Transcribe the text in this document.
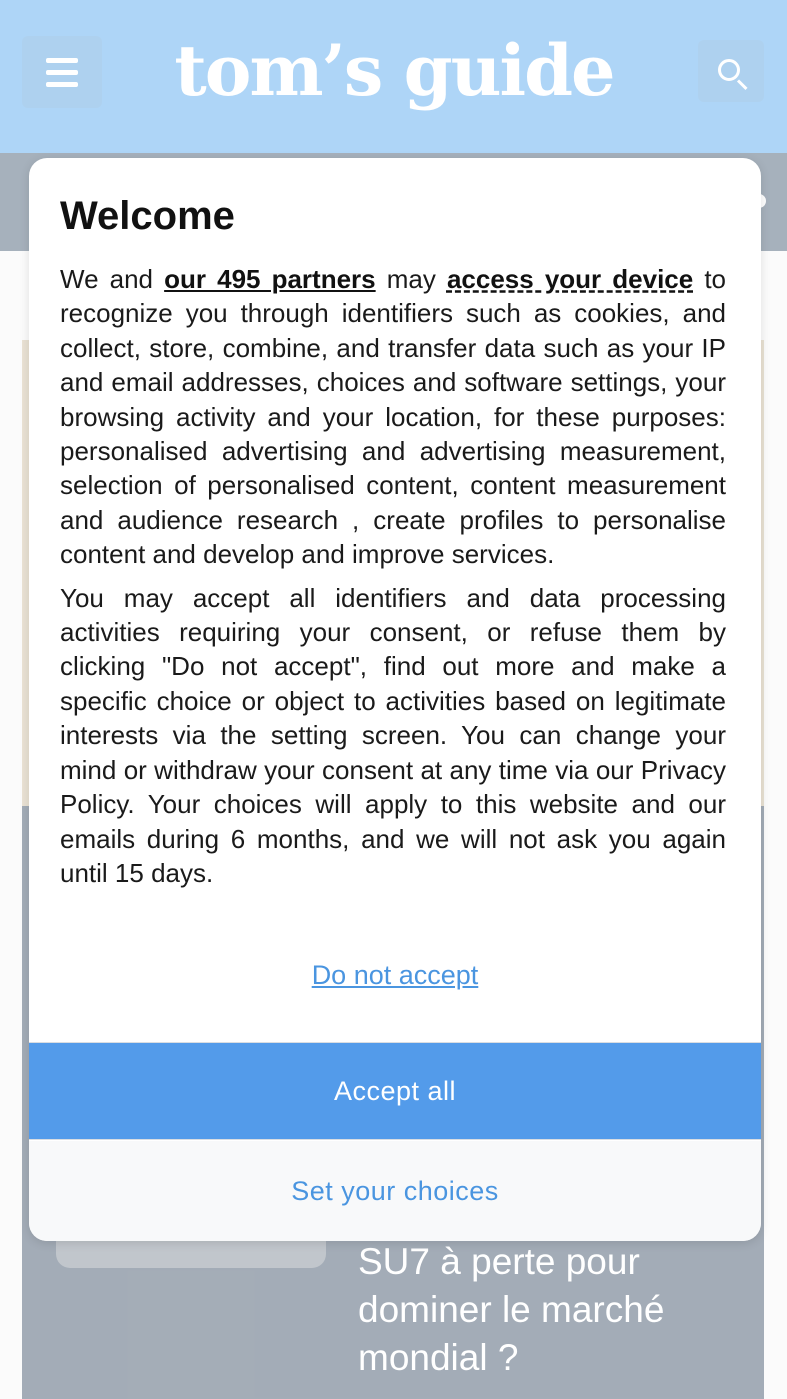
Welcome

We and our 495 partners may access your device to recognize you through identifiers such as cookies, and collect, store, combine, and transfer data such as your IP and email addresses, choices and software settings, your browsing activity and your location, for these purposes: personalised advertising and advertising measurement, selection of personalised content, content measurement and audience research , create profiles to personalise content and develop and improve services.

You may accept all identifiers and data processing activities requiring your consent, or refuse them by clicking "Do not accept", find out more and make a specific choice or object to activities based on legitimate interests via the setting screen. You can change your mind or withdraw your consent at any time via our Privacy Policy. Your choices will apply to this website and our emails during 6 months, and we will not ask you again until 15 days.

Do not accept
Accept all
Set your choices
